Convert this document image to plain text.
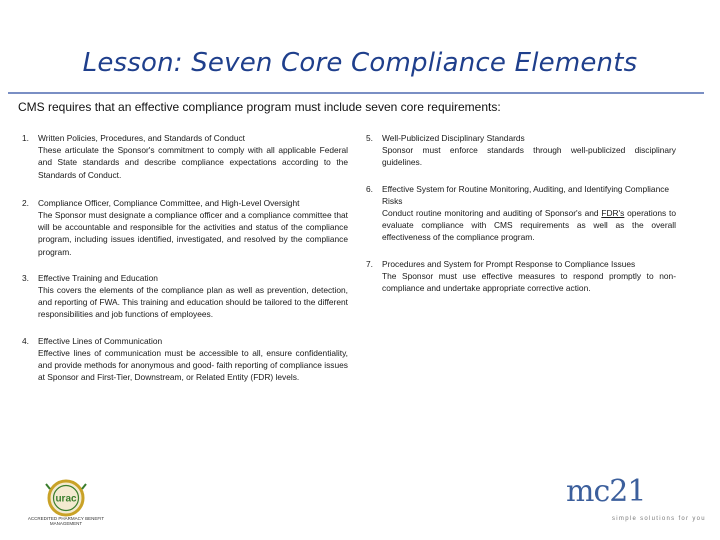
Lesson: Seven Core Compliance Elements
CMS requires that an effective compliance program must include seven core requirements:
1.	Written Policies, Procedures, and Standards of Conduct
These articulate the Sponsor's commitment to comply with all applicable Federal and State standards and describe compliance expectations according to the Standards of Conduct.
2.	Compliance Officer, Compliance Committee, and High-Level Oversight
The Sponsor must designate a compliance officer and a compliance committee that will be accountable and responsible for the activities and status of the compliance program, including issues identified, investigated, and resolved by the compliance program.
3.	Effective Training and Education
This covers the elements of the compliance plan as well as prevention, detection, and reporting of FWA. This training and education should be tailored to the different responsibilities and job functions of employees.
4.	Effective Lines of Communication
Effective lines of communication must be accessible to all, ensure confidentiality, and provide methods for anonymous and good- faith reporting of compliance issues at Sponsor and First-Tier, Downstream, or Related Entity (FDR) levels.
5.	Well-Publicized Disciplinary Standards
Sponsor must enforce standards through well-publicized disciplinary guidelines.
6.	Effective System for Routine Monitoring, Auditing, and Identifying Compliance Risks
Conduct routine monitoring and auditing of Sponsor's and FDR's operations to evaluate compliance with CMS requirements as well as the overall effectiveness of the compliance program.
7.	Procedures and System for Prompt Response to Compliance Issues
The Sponsor must use effective measures to respond promptly to non-compliance and undertake appropriate corrective action.
urac
ACCREDITED PHARMACY BENEFIT MANAGEMENT
mc21
simple solutions for you
